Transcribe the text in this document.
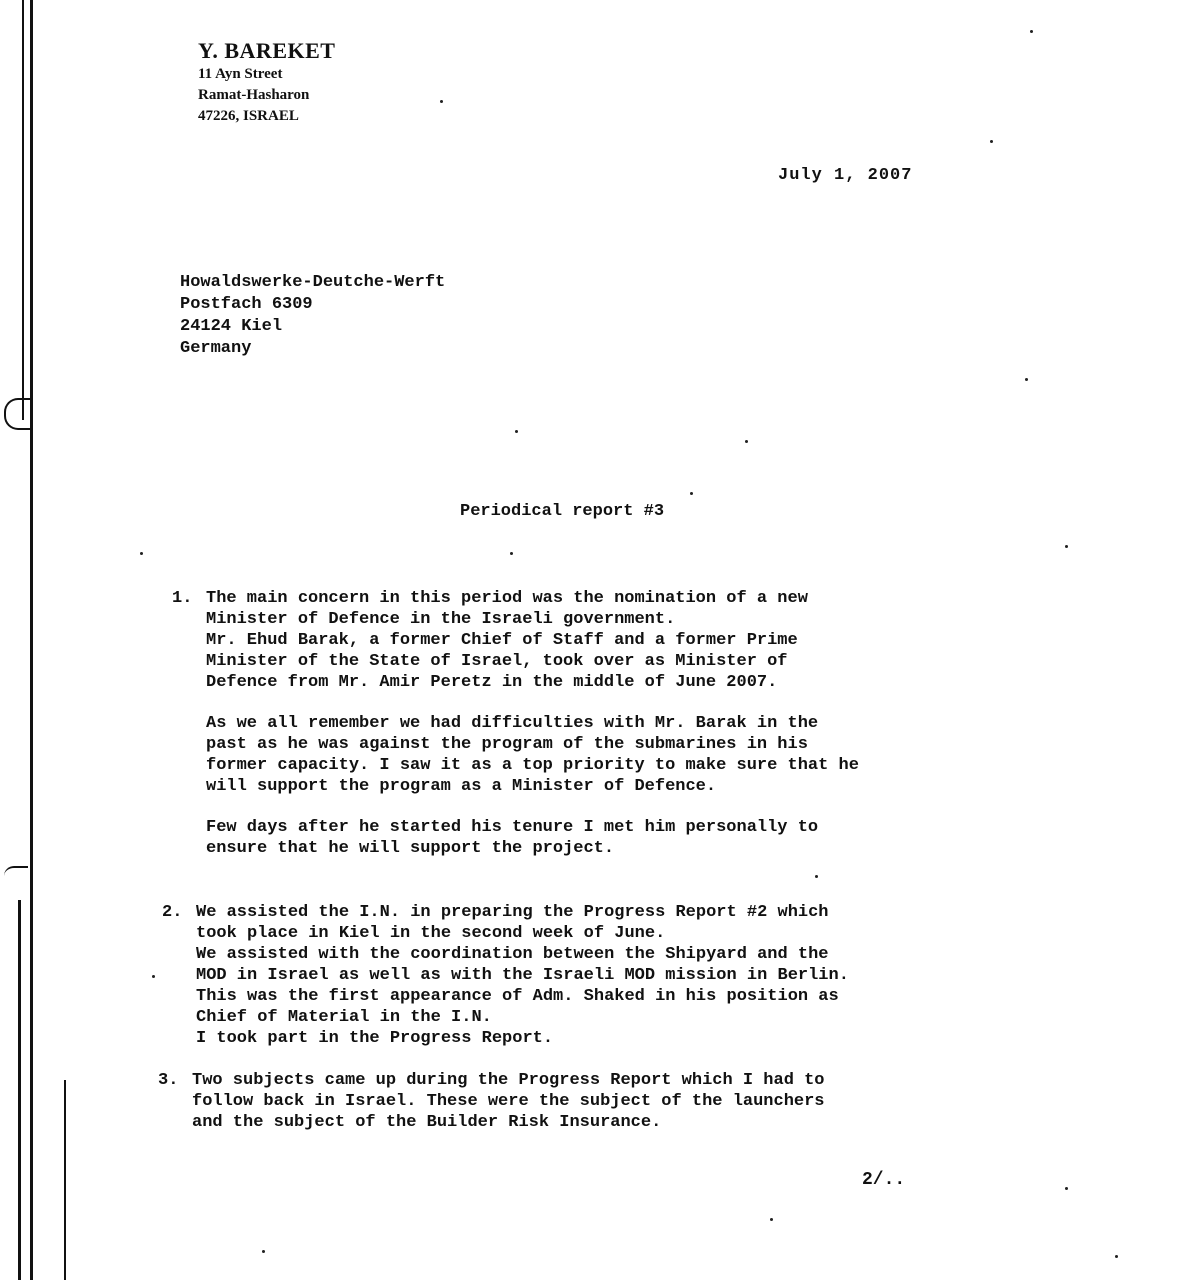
Y. BAREKET
11 Ayn Street
Ramat-Hasharon
47226, ISRAEL
July 1, 2007
Howaldswerke-Deutche-Werft
Postfach 6309
24124 Kiel
Germany
Periodical report #3
1. The main concern in this period was the nomination of a new
Minister of Defence in the Israeli government.
Mr. Ehud Barak, a former Chief of Staff and a former Prime
Minister of the State of Israel, took over as Minister of
Defence from Mr. Amir Peretz in the middle of June 2007.

As we all remember we had difficulties with Mr. Barak in the
past as he was against the program of the submarines in his
former capacity. I saw it as a top priority to make sure that he
will support the program as a Minister of Defence.

Few days after he started his tenure I met him personally to
ensure that he will support the project.

2. We assisted the I.N. in preparing the Progress Report #2 which
took place in Kiel in the second week of June.
We assisted with the coordination between the Shipyard and the
MOD in Israel as well as with the Israeli MOD mission in Berlin.
This was the first appearance of Adm. Shaked in his position as
Chief of Material in the I.N.
I took part in the Progress Report.

3. Two subjects came up during the Progress Report which I had to
follow back in Israel. These were the subject of the launchers
and the subject of the Builder Risk Insurance.

2/..
